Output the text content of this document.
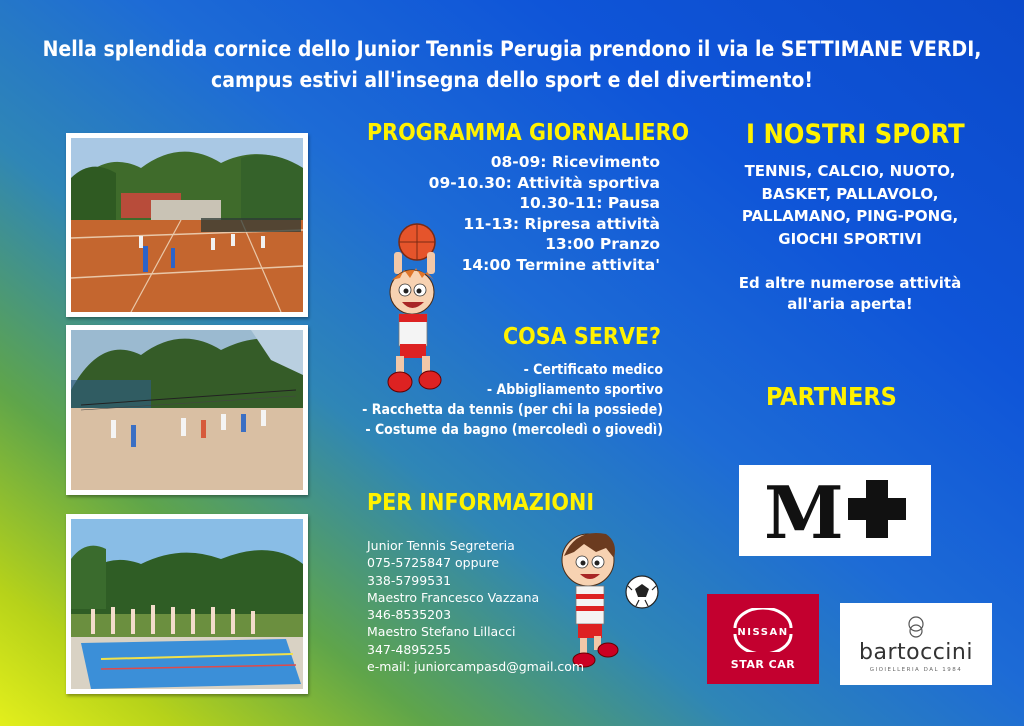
Nella splendida cornice dello Junior Tennis Perugia prendono il via le SETTIMANE VERDI,
campus estivi all'insegna dello sport e del divertimento!
PROGRAMMA GIORNALIERO
08-09: Ricevimento
09-10.30: Attività sportiva
10.30-11: Pausa
11-13: Ripresa attività
13:00 Pranzo
14:00 Termine attivita'
COSA SERVE?
- Certificato medico
- Abbigliamento sportivo
- Racchetta da tennis (per chi la possiede)
- Costume da bagno (mercoledì o giovedì)
PER INFORMAZIONI
Junior Tennis Segreteria
075-5725847 oppure
338-5799531
Maestro Francesco Vazzana
346-8535203
Maestro Stefano Lillacci
347-4895255
e-mail: juniorcampasd@gmail.com
I NOSTRI SPORT
TENNIS, CALCIO, NUOTO,
BASKET, PALLAVOLO,
PALLAMANO, PING-PONG,
GIOCHI SPORTIVI
Ed altre numerose attività
all'aria aperta!
PARTNERS
M
NISSAN
STAR CAR	bartoccini
GIOIELLERIA DAL 1984
